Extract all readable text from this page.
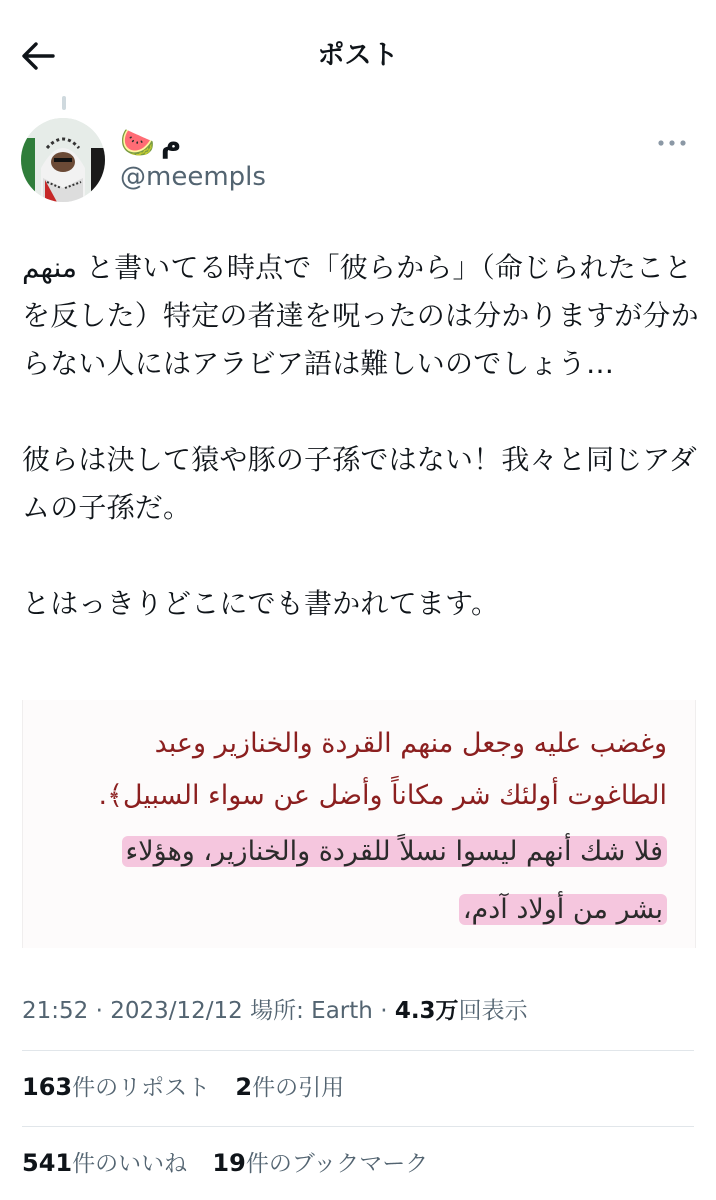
ポスト
🍉 م
@meempls

منهم と書いてる時点で「彼らから」（命じられたことを反した）特定の者達を呪ったのは分かりますが分からない人にはアラビア語は難しいのでしょう…

彼らは決して猿や豚の子孫ではない！我々と同じアダムの子孫だ。

とはっきりどこにでも書かれてます。

وغضب عليه وجعل منهم القردة والخنازير وعبد
الطاغوت أولئك شر مكاناً وأضل عن سواء السبيل﴾.
فلا شك أنهم ليسوا نسلاً للقردة والخنازير، وهؤلاء
بشر من أولاد آدم،
21:52 · 2023/12/12 場所: Earth · 4.3万回表示
163件のリポスト 2件の引用
541件のいいね 19件のブックマーク
